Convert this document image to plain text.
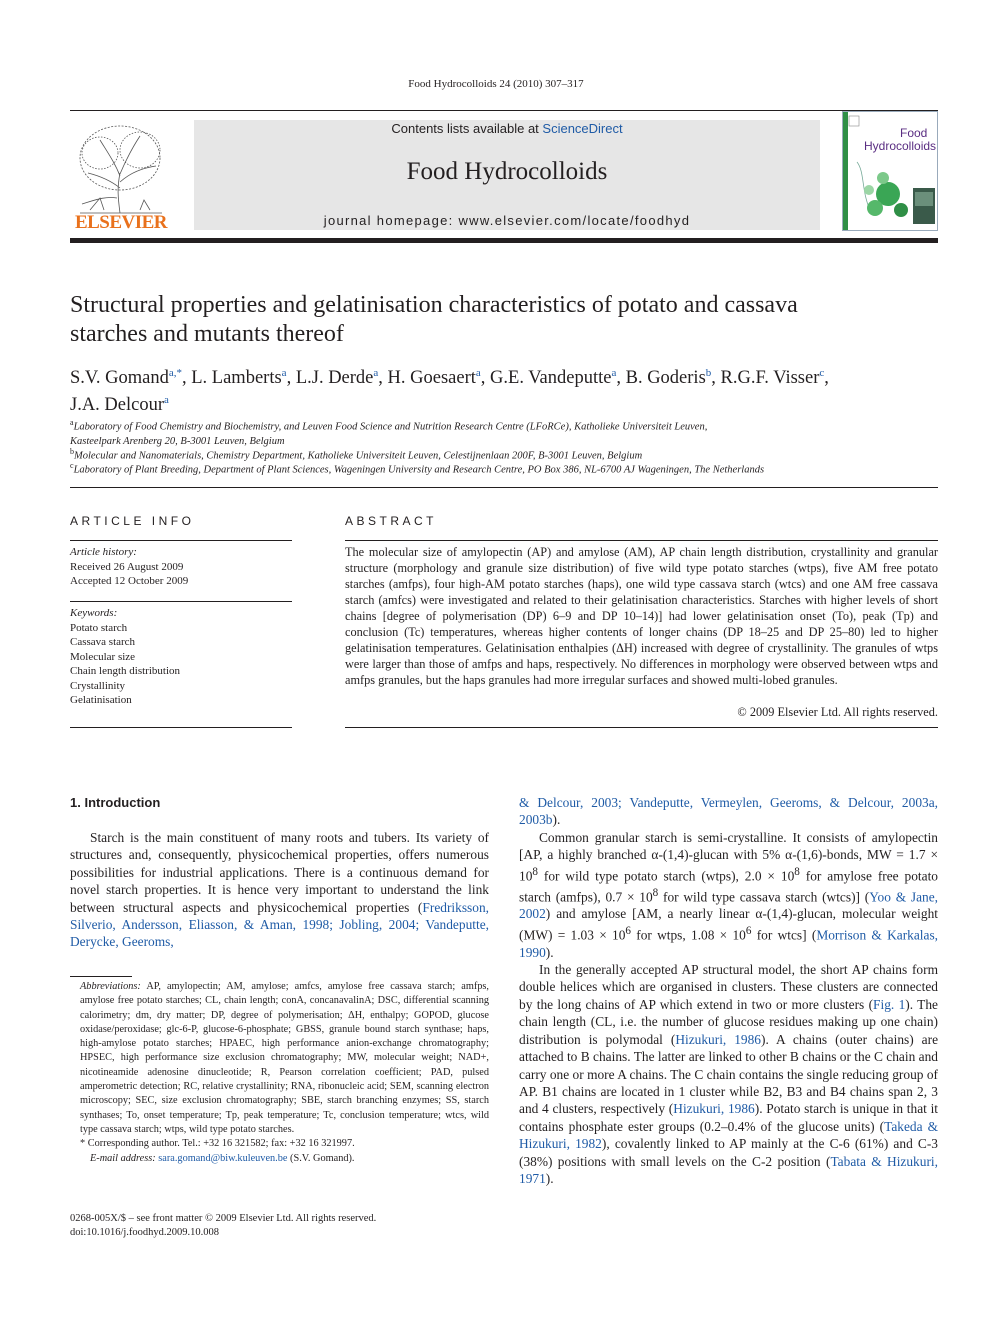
Food Hydrocolloids 24 (2010) 307–317
ELSEVIER
Contents lists available at ScienceDirect
Food Hydrocolloids
journal homepage: www.elsevier.com/locate/foodhyd
Food
Hydrocolloids
Structural properties and gelatinisation characteristics of potato and cassava
starches and mutants thereof
S.V. Gomand$^{a,*}$, L. Lamberts$^a$, L.J. Derde$^a$, H. Goesaert$^a$, G.E. Vandeputte$^a$, B. Goderis$^b$, R.G.F. Visser$^c$,
J.A. Delcour$^a$
$^a$Laboratory of Food Chemistry and Biochemistry, and Leuven Food Science and Nutrition Research Centre (LFoRCe), Katholieke Universiteit Leuven,
Kasteelpark Arenberg 20, B-3001 Leuven, Belgium
$^b$Molecular and Nanomaterials, Chemistry Department, Katholieke Universiteit Leuven, Celestijnenlaan 200F, B-3001 Leuven, Belgium
$^c$Laboratory of Plant Breeding, Department of Plant Sciences, Wageningen University and Research Centre, PO Box 386, NL-6700 AJ Wageningen, The Netherlands
ARTICLE INFO
Article history:
Received 26 August 2009
Accepted 12 October 2009
Keywords:
Potato starch
Cassava starch
Molecular size
Chain length distribution
Crystallinity
Gelatinisation
ABSTRACT
The molecular size of amylopectin (AP) and amylose (AM), AP chain length distribution, crystallinity and granular structure (morphology and granule size distribution) of five wild type potato starches (wtps), five AM free potato starches (amfps), four high-AM potato starches (haps), one wild type cassava starch (wtcs) and one AM free cassava starch (amfcs) were investigated and related to their gelatinisation characteristics. Starches with higher levels of short chains [degree of polymerisation (DP) 6–9 and DP 10–14)] had lower gelatinisation onset (To), peak (Tp) and conclusion (Tc) temperatures, whereas higher contents of longer chains (DP 18–25 and DP 25–80) led to higher gelatinisation temperatures. Gelatinisation enthalpies (ΔH) increased with degree of crystallinity. The granules of wtps were larger than those of amfps and haps, respectively. No differences in morphology were observed between wtps and amfps granules, but the haps granules had more irregular surfaces and showed multi-lobed granules.
© 2009 Elsevier Ltd. All rights reserved.
1. Introduction

Starch is the main constituent of many roots and tubers. Its variety of structures and, consequently, physicochemical properties, offers numerous possibilities for industrial applications. There is a continuous demand for novel starch properties. It is hence very important to understand the link between structural aspects and physicochemical properties (Fredriksson, Silverio, Andersson, Eliasson, & Aman, 1998; Jobling, 2004; Vandeputte, Derycke, Geeroms,

& Delcour, 2003; Vandeputte, Vermeylen, Geeroms, & Delcour, 2003a, 2003b).

Common granular starch is semi-crystalline. It consists of amylopectin [AP, a highly branched α-(1,4)-glucan with 5% α-(1,6)-bonds, MW = $1.7 \times 10^8$ for wild type potato starch (wtps), $2.0 \times 10^8$ for amylose free potato starch (amfps), $0.7 \times 10^8$ for wild type cassava starch (wtcs)] (Yoo & Jane, 2002) and amylose [AM, a nearly linear α-(1,4)-glucan, molecular weight $(MW) = 1.03 \times 10^6$ for wtps, $1.08 \times 10^6$ for wtcs] (Morrison & Karkalas, 1990).

In the generally accepted AP structural model, the short AP chains form double helices which are organised in clusters. These clusters are connected by the long chains of AP which extend in two or more clusters (Fig. 1). The chain length (CL, i.e. the number of glucose residues making up one chain) distribution is polymodal (Hizukuri, 1986). A chains (outer chains) are attached to B chains. The latter are linked to other B chains or the C chain and carry one or more A chains. The C chain contains the single reducing group of AP. B1 chains are located in 1 cluster while B2, B3 and B4 chains span 2, 3 and 4 clusters, respectively (Hizukuri, 1986). Potato starch is unique in that it contains phosphate ester groups (0.2–0.4% of the glucose units) (Takeda & Hizukuri, 1982), covalently linked to AP mainly at the C-6 (61%) and C-3 (38%) positions with small levels on the C-2 position (Tabata & Hizukuri, 1971).

Abbreviations: AP, amylopectin; AM, amylose; amfcs, amylose free cassava starch; amfps, amylose free potato starches; CL, chain length; conA, concanavalinA; DSC, differential scanning calorimetry; dm, dry matter; DP, degree of polymerisation; ΔH, enthalpy; GOPOD, glucose oxidase/peroxidase; glc-6-P, glucose-6-phosphate; GBSS, granule bound starch synthase; haps, high-amylose potato starches; HPAEC, high performance anion-exchange chromatography; HPSEC, high performance size exclusion chromatography; MW, molecular weight; NAD+, nicotineamide adenosine dinucleotide; R, Pearson correlation coefficient; PAD, pulsed amperometric detection; RC, relative crystallinity; RNA, ribonucleic acid; SEM, scanning electron microscopy; SEC, size exclusion chromatography; SBE, starch branching enzymes; SS, starch synthases; To, onset temperature; Tp, peak temperature; Tc, conclusion temperature; wtcs, wild type cassava starch; wtps, wild type potato starches.
* Corresponding author. Tel.: +32 16 321582; fax: +32 16 321997.
E-mail address: sara.gomand@biw.kuleuven.be (S.V. Gomand).
0268-005X/$ – see front matter © 2009 Elsevier Ltd. All rights reserved.
doi:10.1016/j.foodhyd.2009.10.008
